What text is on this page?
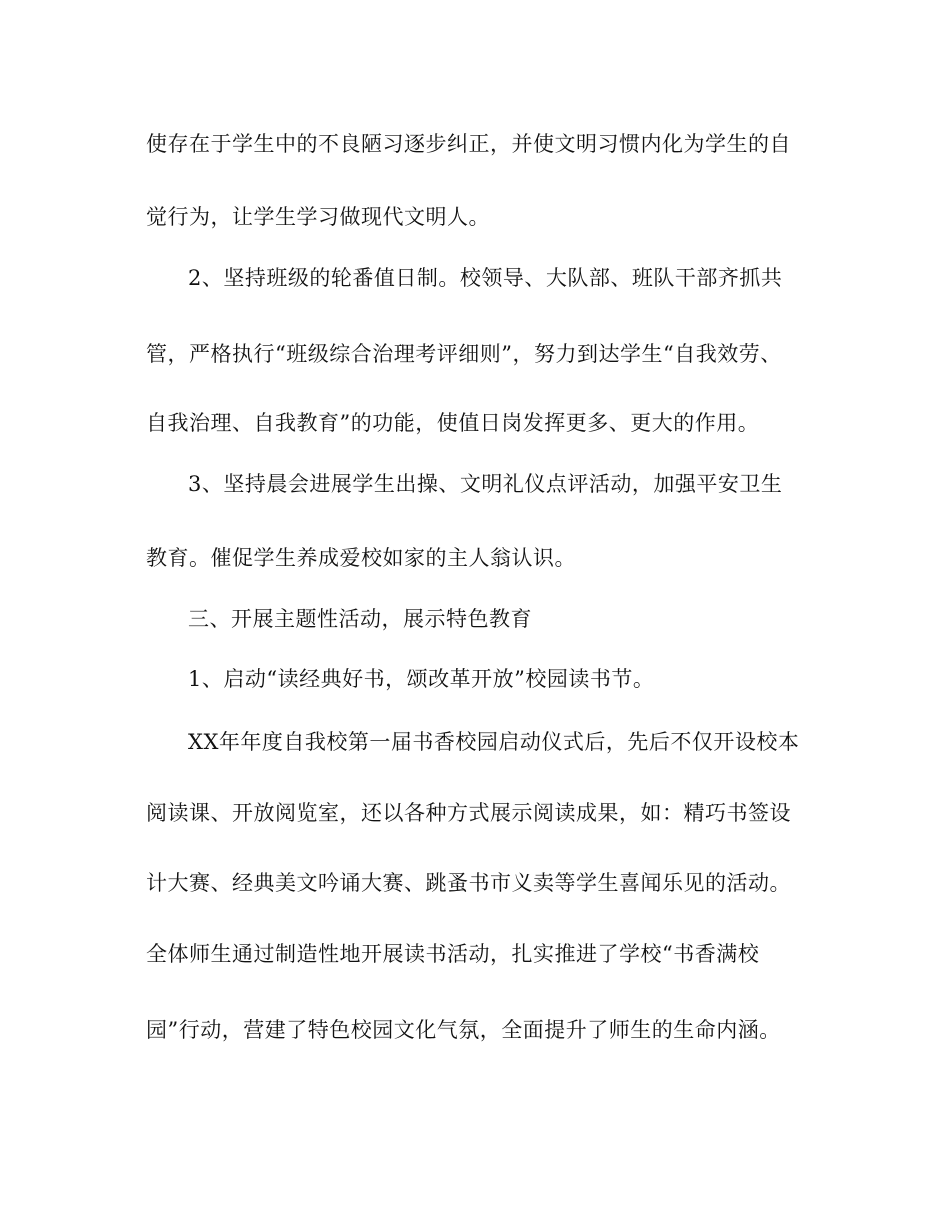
使存在于学生中的不良陋习逐步纠正，并使文明习惯内化为学生的自
觉行为，让学生学习做现代文明人。
2、坚持班级的轮番值日制。校领导、大队部、班队干部齐抓共
管，严格执行“班级综合治理考评细则”，努力到达学生“自我效劳、
自我治理、自我教育”的功能，使值日岗发挥更多、更大的作用。
3、坚持晨会进展学生出操、文明礼仪点评活动，加强平安卫生
教育。催促学生养成爱校如家的主人翁认识。
三、开展主题性活动，展示特色教育
1、启动“读经典好书，颂改革开放”校园读书节。
XX年年度自我校第一届书香校园启动仪式后，先后不仅开设校本
阅读课、开放阅览室，还以各种方式展示阅读成果，如：精巧书签设
计大赛、经典美文吟诵大赛、跳蚤书市义卖等学生喜闻乐见的活动。
全体师生通过制造性地开展读书活动，扎实推进了学校“书香满校
园”行动，营建了特色校园文化气氛，全面提升了师生的生命内涵。
